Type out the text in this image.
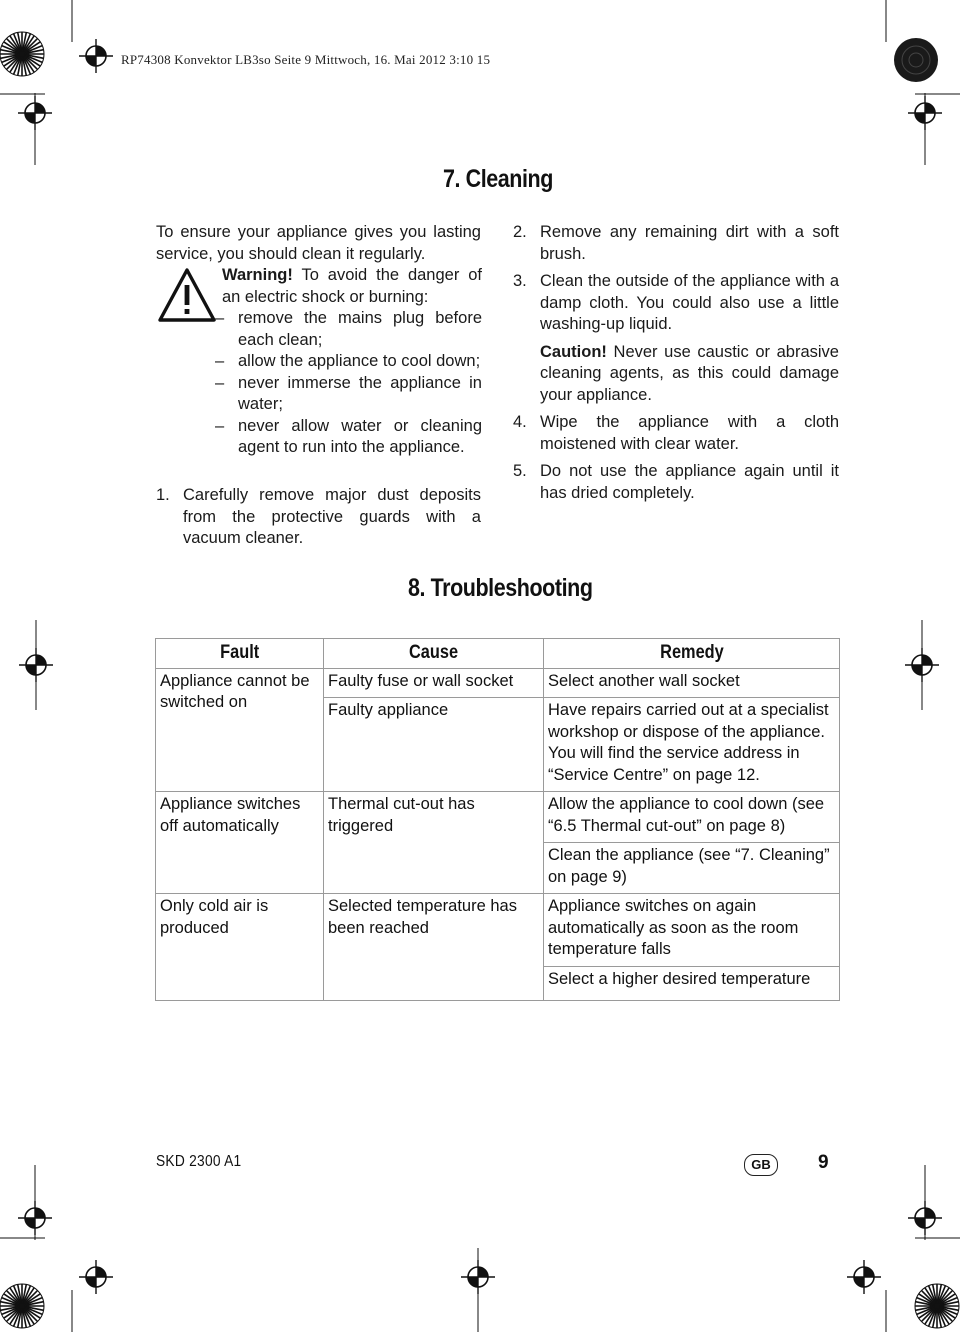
RP74308 Konvektor LB3so Seite 9 Mittwoch, 16. Mai 2012 3:10 15
7. Cleaning
To ensure your appliance gives you lasting service, you should clean it regularly.
Warning! To avoid the danger of an electric shock or burning:
– remove the mains plug before each clean;
– allow the appliance to cool down;
– never immerse the appliance in water;
– never allow water or cleaning agent to run into the appliance.
1. Carefully remove major dust deposits from the protective guards with a vacuum cleaner.
2. Remove any remaining dirt with a soft brush.
3. Clean the outside of the appliance with a damp cloth. You could also use a little washing-up liquid.
Caution! Never use caustic or abrasive cleaning agents, as this could damage your appliance.
4. Wipe the appliance with a cloth moistened with clear water.
5. Do not use the appliance again until it has dried completely.
8. Troubleshooting
Fault	Cause	Remedy
Appliance cannot be switched on	Faulty fuse or wall socket	Select another wall socket
	Faulty appliance	Have repairs carried out at a specialist workshop or dispose of the appliance. You will find the service address in “Service Centre” on page 12.
Appliance switches off automatically	Thermal cut-out has triggered	Allow the appliance to cool down (see “6.5 Thermal cut-out” on page 8)
		Clean the appliance (see “7. Cleaning” on page 9)
Only cold air is produced	Selected temperature has been reached	Appliance switches on again automatically as soon as the room temperature falls
		Select a higher desired temperature
SKD 2300 A1	GB	9
